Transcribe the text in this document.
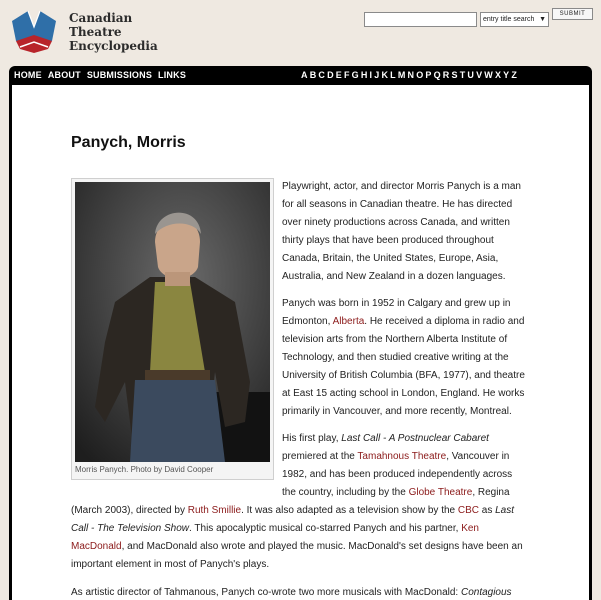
Canadian
Theatre
Encyclopedia
entry title search ▼
SUBMIT
HOME ABOUT SUBMISSIONS LINKS	A B C D E F G H I J K L M N O P Q R S T U V W X Y Z
Panych, Morris
Morris Panych. Photo by David Cooper

Playwright, actor, and director Morris Panych is a man

for all seasons in Canadian theatre. He has directed

over ninety productions across Canada, and written

thirty plays that have been produced throughout

Canada, Britain, the United States, Europe, Asia,

Australia, and New Zealand in a dozen languages.

Panych was born in 1952 in Calgary and grew up in

Edmonton, Alberta. He received a diploma in radio and

television arts from the Northern Alberta Institute of

Technology, and then studied creative writing at the

University of British Columbia (BFA, 1977), and theatre

at East 15 acting school in London, England. He works

primarily in Vancouver, and more recently, Montreal.

His first play, Last Call - A Postnuclear Cabaret

premiered at the Tamahnous Theatre, Vancouver in

1982, and has been produced independently across

the country, including by the Globe Theatre, Regina

(March 2003), directed by Ruth Smillie. It was also adapted as a television show by the CBC as Last

Call - The Television Show. This apocalyptic musical co-starred Panych and his partner, Ken

MacDonald, and MacDonald also wrote and played the music. MacDonald's set designs have been an

important element in most of Panych's plays.

As artistic director of Tahmanous, Panych co-wrote two more musicals with MacDonald: Contagious
